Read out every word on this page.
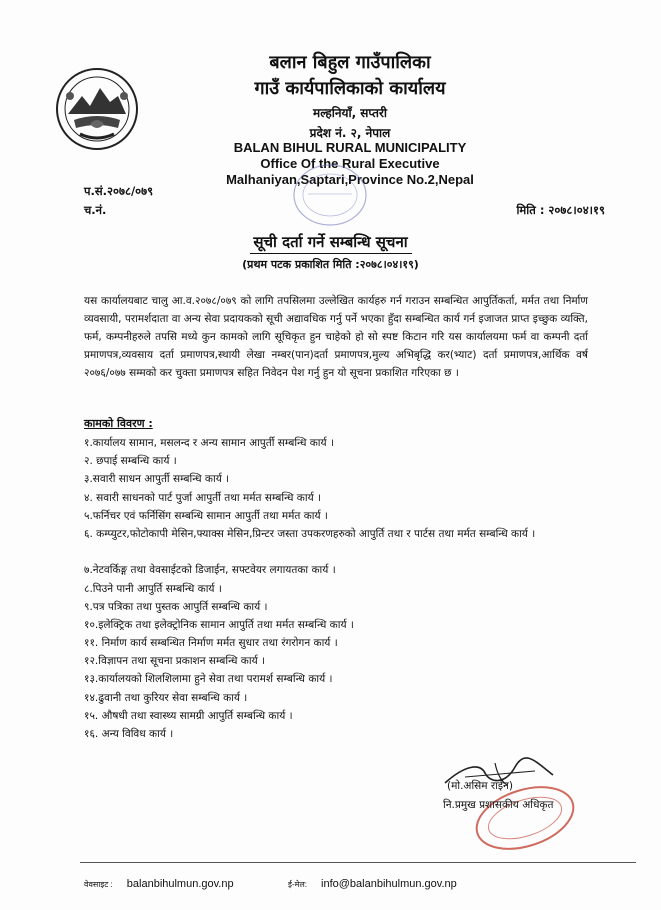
बलान बिहुल गाउँपालिका
गाउँ कार्यपालिकाको कार्यालय
मल्हनियाँ, सप्तरी
प्रदेश नं. २, नेपाल
BALAN BIHUL RURAL MUNICIPALITY
Office Of the Rural Executive
Malhaniyan,Saptari,Province No.2,Nepal
प.सं.२०७८/०७९
च.नं.	मिति : २०७८।०४।१९
सूची दर्ता गर्ने सम्बन्धि सूचना
(प्रथम पटक प्रकाशित मिति :२०७८।०४।१९)
यस कार्यालयबाट चालु आ.व.२०७८/०७९ को लागि तपसिलमा उल्लेखित कार्यहरु गर्न गराउन सम्बन्धित आपुर्तिकर्ता, मर्मत तथा निर्माण व्यवसायी, परामर्शदाता वा अन्य सेवा प्रदायकको सूची अद्यावधिक गर्नु पर्ने भएका हुँदा सम्बन्धित कार्य गर्न इजाजत प्राप्त इच्छुक व्यक्ति, फर्म, कम्पनीहरुले तपसि मध्ये कुन कामको लागि सूचिकृत हुन चाहेको हो सो स्पष्ट किटान गरि यस कार्यालयमा फर्म वा कम्पनी दर्ता प्रमाणपत्र,व्यवसाय दर्ता प्रमाणपत्र,स्थायी लेखा नम्बर(पान)दर्ता प्रमाणपत्र,मुल्य अभिबृद्धि कर(भ्याट) दर्ता प्रमाणपत्र,आर्थिक वर्ष २०७६/०७७ सम्मको कर चुक्ता प्रमाणपत्र सहित निवेदन पेश गर्नु हुन यो सूचना प्रकाशित गरिएका छ ।
कामको विवरण :
१.कार्यालय सामान, मसलन्द र अन्य सामान आपुर्ती सम्बन्धि कार्य ।
२. छपाई सम्बन्धि कार्य ।
३.सवारी साधन आपुर्ती सम्बन्धि कार्य ।
४. सवारी साधनको पार्ट पुर्जा आपुर्ती तथा मर्मत सम्बन्धि कार्य ।
५.फर्निचर एवं फर्निसिंग सम्बन्धि सामान आपुर्ती तथा मर्मत कार्य ।
६. कम्प्युटर,फोटोकापी मेसिन,फ्याक्स मेसिन,प्रिन्टर जस्ता उपकरणहरुको आपुर्ति तथा र पार्टस तथा मर्मत सम्बन्धि कार्य ।
७.नेटवर्किङ्ग तथा वेवसाईटको डिजाईन, सफ्टवेयर लगायतका कार्य ।
८.पिउने पानी आपुर्ति सम्बन्धि कार्य ।
९.पत्र पत्रिका तथा पुस्तक आपुर्ति सम्बन्धि कार्य ।
१०.इलेक्ट्रिक तथा इलेक्ट्रोनिक सामान आपुर्ति तथा मर्मत सम्बन्धि कार्य ।
११. निर्माण कार्य सम्बन्धित निर्माण मर्मत सुधार तथा रंगरोगन कार्य ।
१२.विज्ञापन तथा सूचना प्रकाशन सम्बन्धि कार्य ।
१३.कार्यालयको शिलशिलामा हुने सेवा तथा परामर्श सम्बन्धि कार्य ।
१४.ढुवानी तथा कुरियर सेवा सम्बन्धि कार्य ।
१५. औषधी तथा स्वास्थ्य सामग्री आपुर्ति सम्बन्धि कार्य ।
१६. अन्य विविध कार्य ।
(मो.असिम राईन)
नि.प्रमुख प्रशासकीय अधिकृत
वेवसाइट : balanbihulmun.gov.np	ई-मेल: info@balanbihulmun.gov.np
